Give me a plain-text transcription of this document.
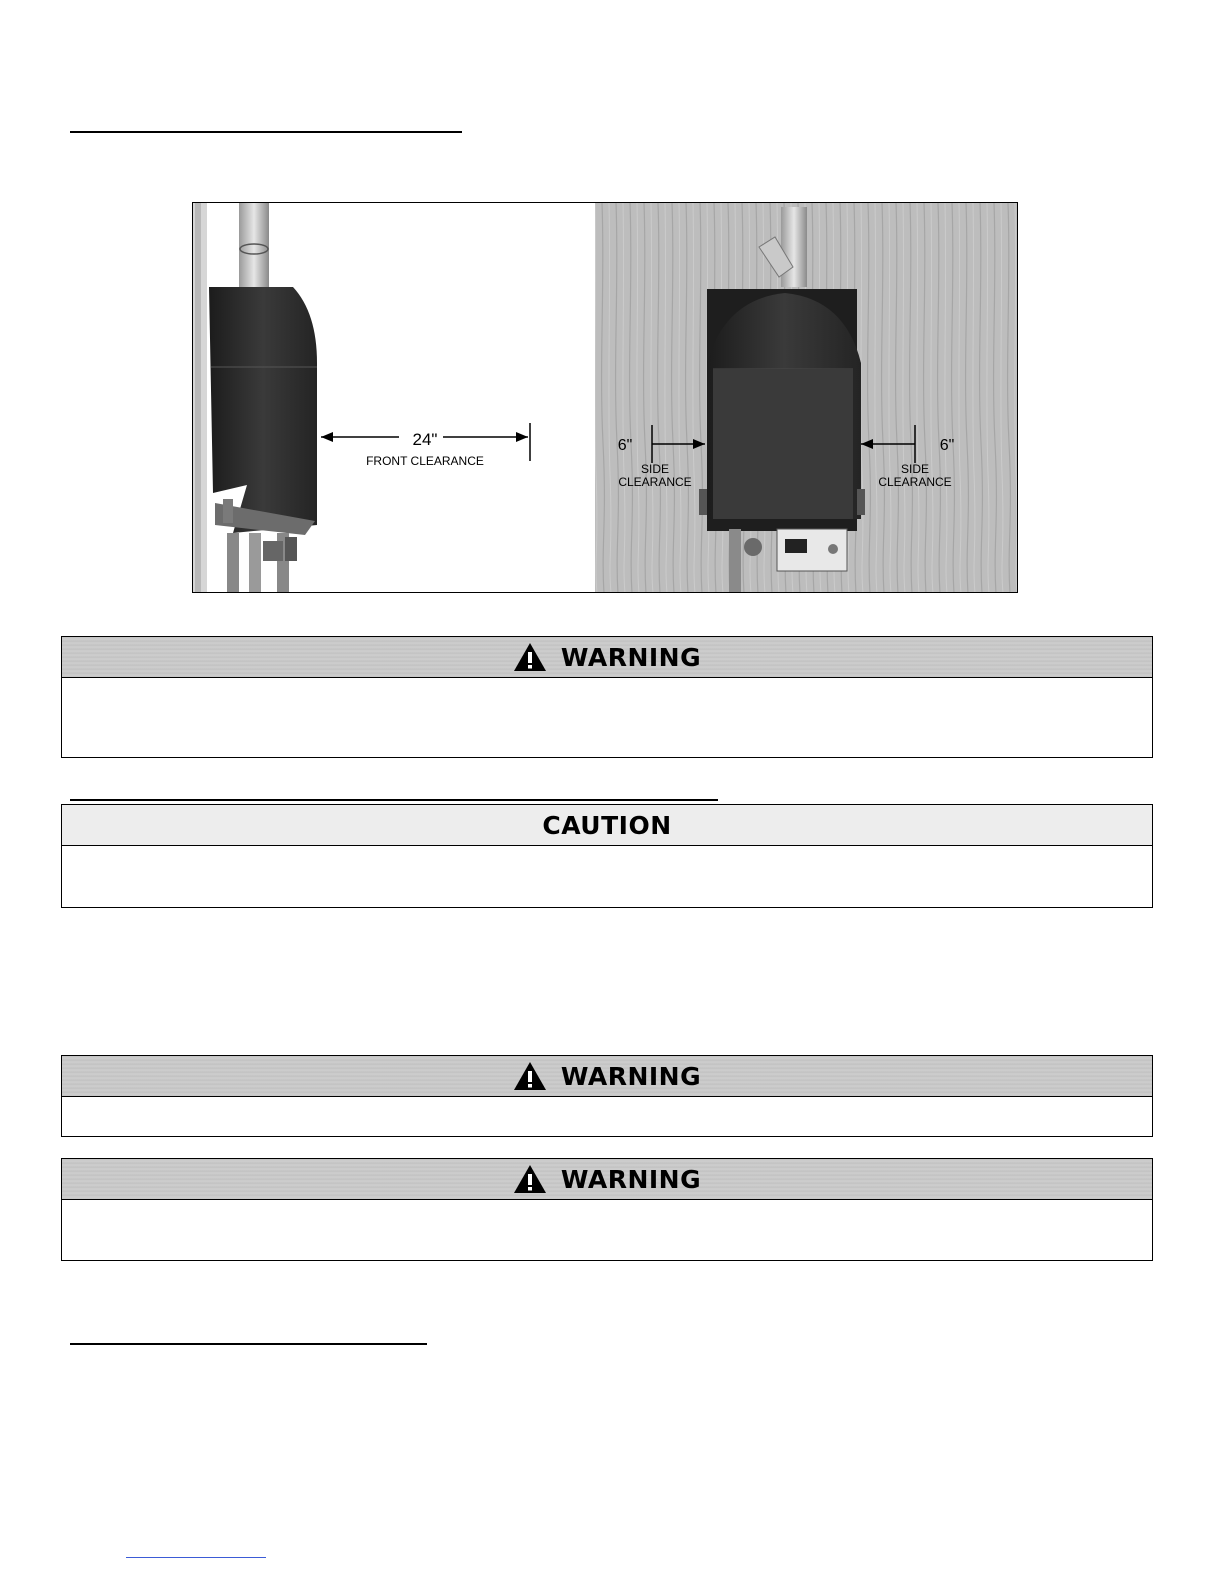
24"
FRONT CLEARANCE
6"
SIDE
CLEARANCE
6"
SIDE
CLEARANCE
WARNING
CAUTION
WARNING
WARNING
